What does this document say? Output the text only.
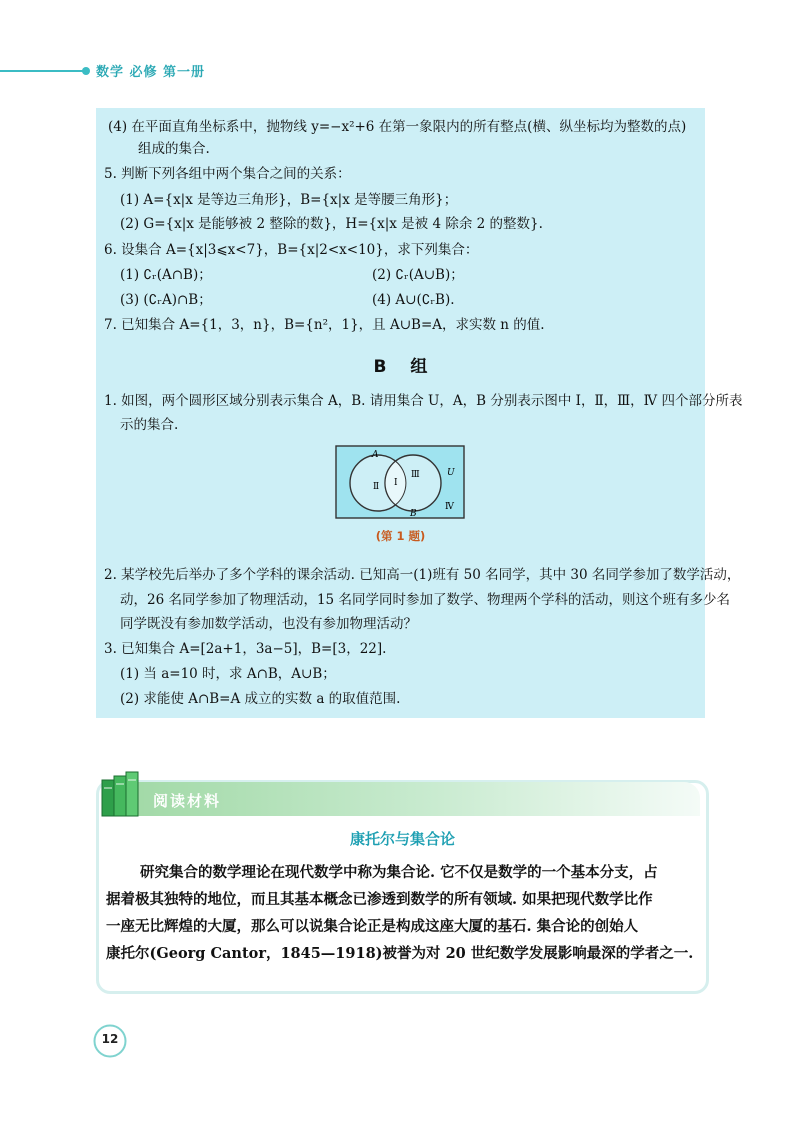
数学 必修 第一册
(4) 在平面直角坐标系中，抛物线 y=−x²+6 在第一象限内的所有整点(横、纵坐标均为整数的点)
组成的集合.
5. 判断下列各组中两个集合之间的关系：
(1) A={x|x 是等边三角形}，B={x|x 是等腰三角形}；
(2) G={x|x 是能够被 2 整除的数}，H={x|x 是被 4 除余 2 的整数}.
6. 设集合 A={x|3⩽x<7}，B={x|2<x<10}，求下列集合：
(1) ∁ᵣ(A∩B)；	(2) ∁ᵣ(A∪B)；
(3) (∁ᵣA)∩B；	(4) A∪(∁ᵣB).
7. 已知集合 A={1，3，n}，B={n²，1}，且 A∪B=A，求实数 n 的值.
B 组
1. 如图，两个圆形区域分别表示集合 A，B. 请用集合 U，A，B 分别表示图中 Ⅰ，Ⅱ，Ⅲ，Ⅳ 四个部分所表
示的集合.
A
B
U
Ⅰ
Ⅱ
Ⅲ
Ⅳ
(第 1 题)
2. 某学校先后举办了多个学科的课余活动. 已知高一(1)班有 50 名同学，其中 30 名同学参加了数学活动，
动，26 名同学参加了物理活动，15 名同学同时参加了数学、物理两个学科的活动，则这个班有多少名
同学既没有参加数学活动，也没有参加物理活动？
3. 已知集合 A=[2a+1，3a−5]，B=[3，22].
(1) 当 a=10 时，求 A∩B，A∪B；
(2) 求能使 A∩B=A 成立的实数 a 的取值范围.
阅读材料
康托尔与集合论
研究集合的数学理论在现代数学中称为集合论. 它不仅是数学的一个基本分支，占
据着极其独特的地位，而且其基本概念已渗透到数学的所有领域. 如果把现代数学比作
一座无比辉煌的大厦，那么可以说集合论正是构成这座大厦的基石. 集合论的创始人
康托尔(Georg Cantor，1845—1918)被誉为对 20 世纪数学发展影响最深的学者之一.
12
